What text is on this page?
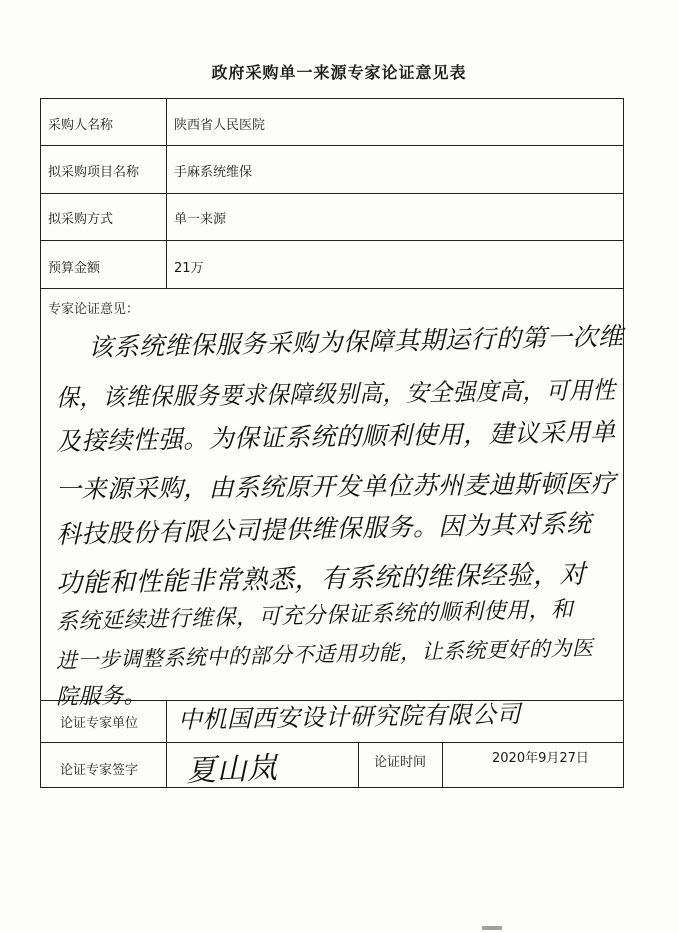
政府采购单一来源专家论证意见表
采购人名称	陕西省人民医院
拟采购项目名称	手麻系统维保
拟采购方式	单一来源
预算金额	21万
专家论证意见：
该系统维保服务采购为保障其期运行的第一次维
保，该维保服务要求保障级别高，安全强度高，可用性
及接续性强。为保证系统的顺利使用，建议采用单
一来源采购，由系统原开发单位苏州麦迪斯顿医疗
科技股份有限公司提供维保服务。因为其对系统
功能和性能非常熟悉，有系统的维保经验，对
系统延续进行维保，可充分保证系统的顺利使用，和
进一步调整系统中的部分不适用功能，让系统更好的为医
院服务。
论证专家单位 中机国西安设计研究院有限公司
论证专家签字 夏山岚	论证时间	2020年9月27日
